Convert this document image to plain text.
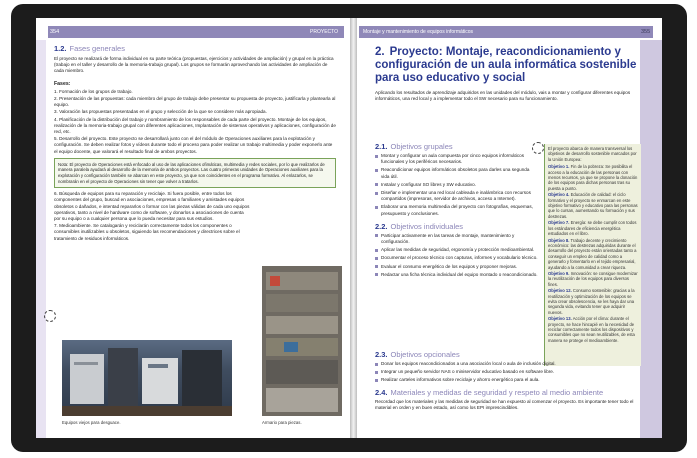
PROYECTO
354
1.2. Fases generales

El proyecto se realizará de forma individual en su parte teórica (propuestas, ejercicios y actividades de ampliación) y grupal en la práctica (trabajo en el taller y desarrollo de la memoria-trabajo grupal). Los grupos se formarán aprovechando las actividades de ampliación de cada miembro.

Fases:

1. Formación de los grupos de trabajo.

2. Presentación de las propuestas: cada miembro del grupo de trabajo debe presentar su propuesta de proyecto, justificarla y plantearla al equipo.

3. Valoración las propuestas presentadas en el grupo y selección de la que se considere más apropiada.

4. Planificación de la distribución del trabajo y nombramiento de los responsables de cada parte del proyecto. Montaje de los equipos, realización de la memoria-trabajo grupal con diferentes aplicaciones, Implantación de sistemas operativos y aplicaciones, configuración de red, etc.

5. Desarrollo del proyecto. Este proyecto se desarrollará junto con el del módulo de Operaciones auxiliares para la explotación y configuración. Se deben realizar fotos y vídeos durante todo el proceso para poder realizar un trabajo multimedia y poder exponerlo ante el equipo docente, que valorará el resultado final de ambos proyectos.

Nota: El proyecto de Operaciones está enfocado al uso de las aplicaciones ofimáticas, multimedia y redes sociales, por lo que realizarlos de manera paralela ayudará al desarrollo de la memoria de ambos proyectos. Las cuatro primeras unidades de Operaciones auxiliares para la explotación y configuración también se abarcan en este proyecto, ya que son coincidentes en el programa formativo. Al enlazarlos, se nombrarán en el proyecto de Operaciones sin tener que volver a tratarlos.

6. Búsqueda de equipos para su reparación y reciclaje. Si fuera posible, entre todos los componentes del grupo, buscad en asociaciones, empresas o familiares y amistades equipos obsoletos o dañados, e intentad repararlos o formar con las piezas válidas de cada uno equipos operativos, tanto a nivel de hardware como de software, y donarlos a asociaciones de cuenta por su equipo o a cualquier persona que lo pueda necesitar para sus estudios.

7. Medioambiente. Se catalogarán y reciclarán correctamente todos los componentes o consumibles inutilizables u obsoletos, siguiendo las recomendaciones y directrices sobre el tratamiento de residuos informáticos.

Equipos viejos para desguace.	Armario para piezas.
Montaje y mantenimiento de equipos informáticos	355
2. Proyecto: Montaje, reacondicionamiento y configuración de un aula informática sostenible para uso educativo y social

Aplicando los resultados de aprendizaje adquiridos en las unidades del módulo, vais a montar y configurar diferentes equipos informáticos, una red local y a implementar todo el SW necesario para su funcionamiento.

2.1. Objetivos grupales

Montar y configurar un aula compuesta por cinco equipos informáticos funcionales y los periféricos necesarios.

Reacondicionar equipos informáticos obsoletos para darles una segunda vida útil.

Instalar y configurar SO libres y SW educativo.

Diseñar e implementar una red local cableada e inalámbrica con recursos compartidos (impresoras, servidor de archivos, acceso a Internet).

Elaborar una memoria multimedia del proyecto con fotografías, esquemas, presupuesto y conclusiones.

2.2. Objetivos individuales

Participar activamente en las tareas de montaje, mantenimiento y configuración.

Aplicar las medidas de seguridad, ergonomía y protección medioambiental.

Documentar el proceso técnico con capturas, informes y vocabulario técnico.

Evaluar el consumo energético de los equipos y proponer mejoras.

Redactar una ficha técnica individual del equipo montado o reacondicionado.

El proyecto abarca de manera transversal los objetivos de desarrollo sostenible marcados por la Unión Europea:

Objetivo 1. Fin de la pobreza: Se posibilita el acceso a la educación de las personas con menos recursos, ya que se propone la donación de los equipos para dichas personas tras su puesta a punto.

Objetivo 4. Educación de calidad: el ciclo formativo y el proyecto se enmarcan en este objetivo formativo y educativo para las personas que lo cursan, aumentando su formación y sus destrezas.

Objetivo 7. Energía: se debe cumplir con todos los estándares de eficiencia energética estudiados en el libro.

Objetivo 8. Trabajo decente y crecimiento económico: las destrezas adquiridas durante el desarrollo del proyecto están orientadas tanto a conseguir un empleo de calidad como a generarlo y fomentarlo en el tejido empresarial, ayudando a la comunidad a crear riqueza.

Objetivo 9. Innovación: se consigue modernizar la reutilización de los equipos para diversos fines.

Objetivo 12. Consumo sostenible: gracias a la reutilización y optimización de los equipos se evita crear obsolescencia, se les haya dar una segunda vida, evitando tener que adquirir nuevos.

Objetivo 13. Acción por el clima: durante el proyecto, se hace hincapié en la necesidad de reciclar correctamente todos los dispositivos y consumibles que no sean reutilizables, de esta manera se protege el medioambiente.

2.3. Objetivos opcionales

Donar los equipos reacondicionados a una asociación local o aula de inclusión digital.

Integrar un pequeño servidor NAS o miniservidor educativo basado en software libre.

Realizar carteles informativos sobre reciclaje y ahorro energético para el aula.

2.4. Materiales y medidas de seguridad y respeto al medio ambiente

Recordad que los materiales y las medidas de seguridad se han expuesto al comenzar el proyecto. Es importante tener todo el material en orden y en buen estado, así como los EPI imprescindibles.
